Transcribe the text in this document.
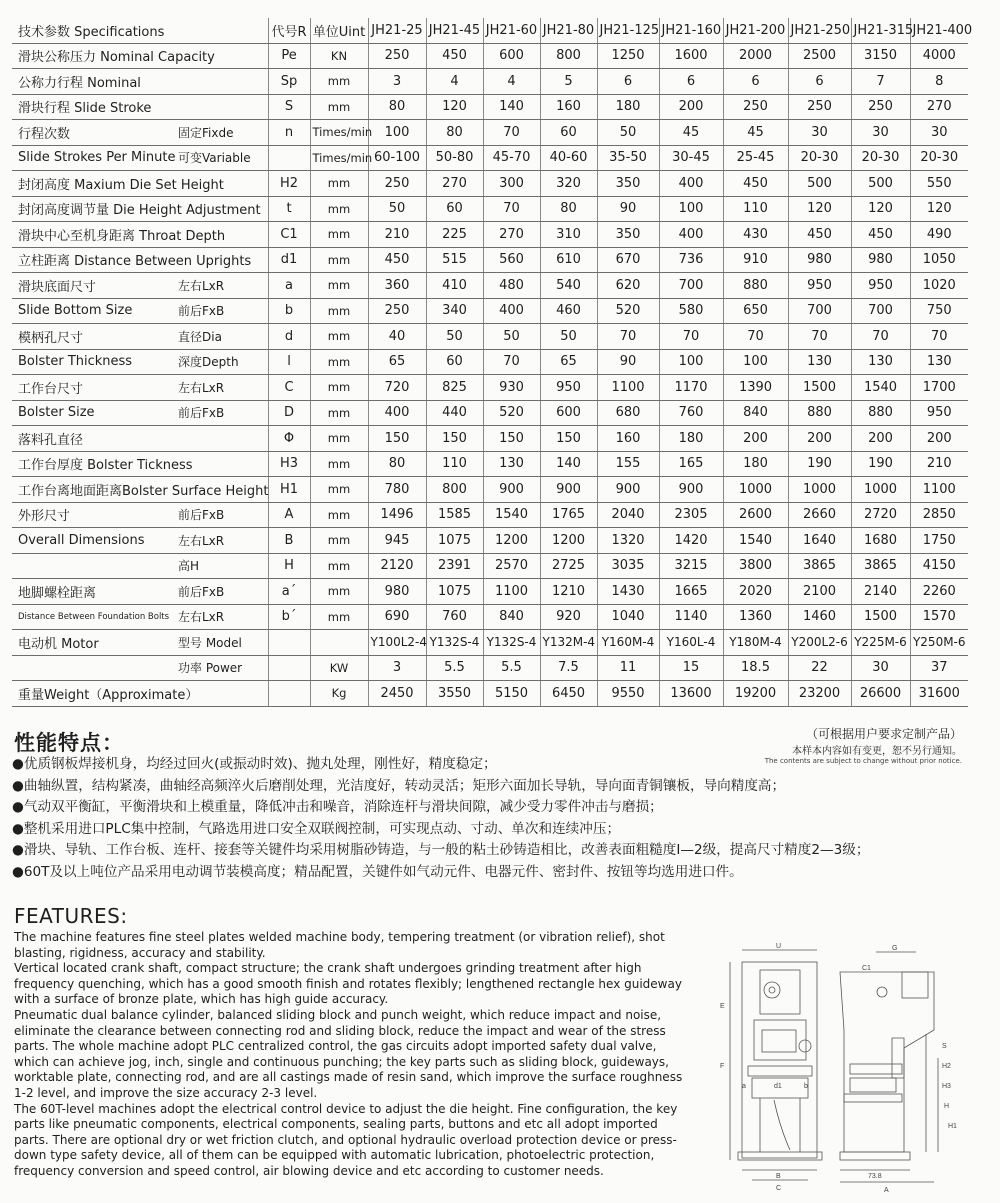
技术参数 Specifications		代号R	单位Uint	JH21-25	JH21-45	JH21-60	JH21-80	JH21-125	JH21-160	JH21-200	JH21-250	JH21-315	JH21-400
滑块公称压力 Nominal Capacity		Pe	KN	250	450	600	800	1250	1600	2000	2500	3150	4000
公称力行程 Nominal		Sp	mm	3	4	4	5	6	6	6	6	7	8
滑块行程 Slide Stroke		S	mm	80	120	140	160	180	200	250	250	250	270
行程次数	固定Fixde	n	Times/min	100	80	70	60	50	45	45	30	30	30
Slide Strokes Per Minute	可变Variable		Times/min	60-100	50-80	45-70	40-60	35-50	30-45	25-45	20-30	20-30	20-30
封闭高度 Maxium Die Set Height		H2	mm	250	270	300	320	350	400	450	500	500	550
封闭高度调节量 Die Height Adjustment		t	mm	50	60	70	80	90	100	110	120	120	120
滑块中心至机身距离 Throat Depth		C1	mm	210	225	270	310	350	400	430	450	450	490
立柱距离 Distance Between Uprights		d1	mm	450	515	560	610	670	736	910	980	980	1050
滑块底面尺寸	左右LxR	a	mm	360	410	480	540	620	700	880	950	950	1020
Slide Bottom Size	前后FxB	b	mm	250	340	400	460	520	580	650	700	700	750
模柄孔尺寸	直径Dia	d	mm	40	50	50	50	70	70	70	70	70	70
Bolster Thickness	深度Depth	l	mm	65	60	70	65	90	100	100	130	130	130
工作台尺寸	左右LxR	C	mm	720	825	930	950	1100	1170	1390	1500	1540	1700
Bolster Size	前后FxB	D	mm	400	440	520	600	680	760	840	880	880	950
落料孔直径		Φ	mm	150	150	150	150	160	180	200	200	200	200
工作台厚度 Bolster Tickness		H3	mm	80	110	130	140	155	165	180	190	190	210
工作台离地面距离Bolster Surface Height		H1	mm	780	800	900	900	900	900	1000	1000	1000	1100
外形尺寸	前后FxB	A	mm	1496	1585	1540	1765	2040	2305	2600	2660	2720	2850
Overall Dimensions	左右LxR	B	mm	945	1075	1200	1200	1320	1420	1540	1640	1680	1750
	高H	H	mm	2120	2391	2570	2725	3035	3215	3800	3865	3865	4150
地脚螺栓距离	前后FxB	a´	mm	980	1075	1100	1210	1430	1665	2020	2100	2140	2260
Distance Between Foundation Bolts	左右LxR	b´	mm	690	760	840	920	1040	1140	1360	1460	1500	1570
电动机 Motor	型号 Model			Y100L2-4	Y132S-4	Y132S-4	Y132M-4	Y160M-4	Y160L-4	Y180M-4	Y200L2-6	Y225M-6	Y250M-6
	功率 Power		KW	3	5.5	5.5	7.5	11	15	18.5	22	30	37
重量Weight（Approximate）			Kg	2450	3550	5150	6450	9550	13600	19200	23200	26600	31600
（可根据用户要求定制产品）
本样本内容如有变更，恕不另行通知。
The contents are subject to change without prior notice.
性能特点：
●优质钢板焊接机身，均经过回火(或振动时效)、抛丸处理，刚性好，精度稳定；
●曲轴纵置，结构紧凑，曲轴经高频淬火后磨削处理，光洁度好，转动灵活；矩形六面加长导轨，导向面青铜镶板，导向精度高；
●气动双平衡缸，平衡滑块和上模重量，降低冲击和噪音，消除连杆与滑块间隙，减少受力零件冲击与磨损；
●整机采用进口PLC集中控制，气路选用进口安全双联阀控制，可实现点动、寸动、单次和连续冲压；
●滑块、导轨、工作台板、连杆、接套等关键件均采用树脂砂铸造，与一般的粘土砂铸造相比，改善表面粗糙度I—2级，提高尺寸精度2—3级；
●60T及以上吨位产品采用电动调节装模高度；精品配置，关键件如气动元件、电器元件、密封件、按钮等均选用进口件。
FEATURES:

The machine features fine steel plates welded machine body, tempering treatment (or vibration relief), shot blasting, rigidness, accuracy and stability.

Vertical located crank shaft, compact structure; the crank shaft undergoes grinding treatment after high frequency quenching, which has a good smooth finish and rotates flexibly; lengthened rectangle hex guideway with a surface of bronze plate, which has high guide accuracy.

Pneumatic dual balance cylinder, balanced sliding block and punch weight, which reduce impact and noise, eliminate the clearance between connecting rod and sliding block, reduce the impact and wear of the stress parts. The whole machine adopt PLC centralized control, the gas circuits adopt imported safety dual valve, which can achieve jog, inch, single and continuous punching; the key parts such as sliding block, guideways, worktable plate, connecting rod, and are all castings made of resin sand, which improve the surface roughness 1-2 level, and improve the size accuracy 2-3 level.

The 60T-level machines adopt the electrical control device to adjust the die height. Fine configuration, the key parts like pneumatic components, electrical components, sealing parts, buttons and etc all adopt imported parts. There are optional dry or wet friction clutch, and optional hydraulic overload protection device or press-down type safety device, all of them can be equipped with automatic lubrication, photoelectric protection, frequency conversion and speed control, air blowing device and etc according to customer needs.

U
B
E
F
G
H
C1
S
H2
H3
H1
A
73.8
d1	b
C
a
